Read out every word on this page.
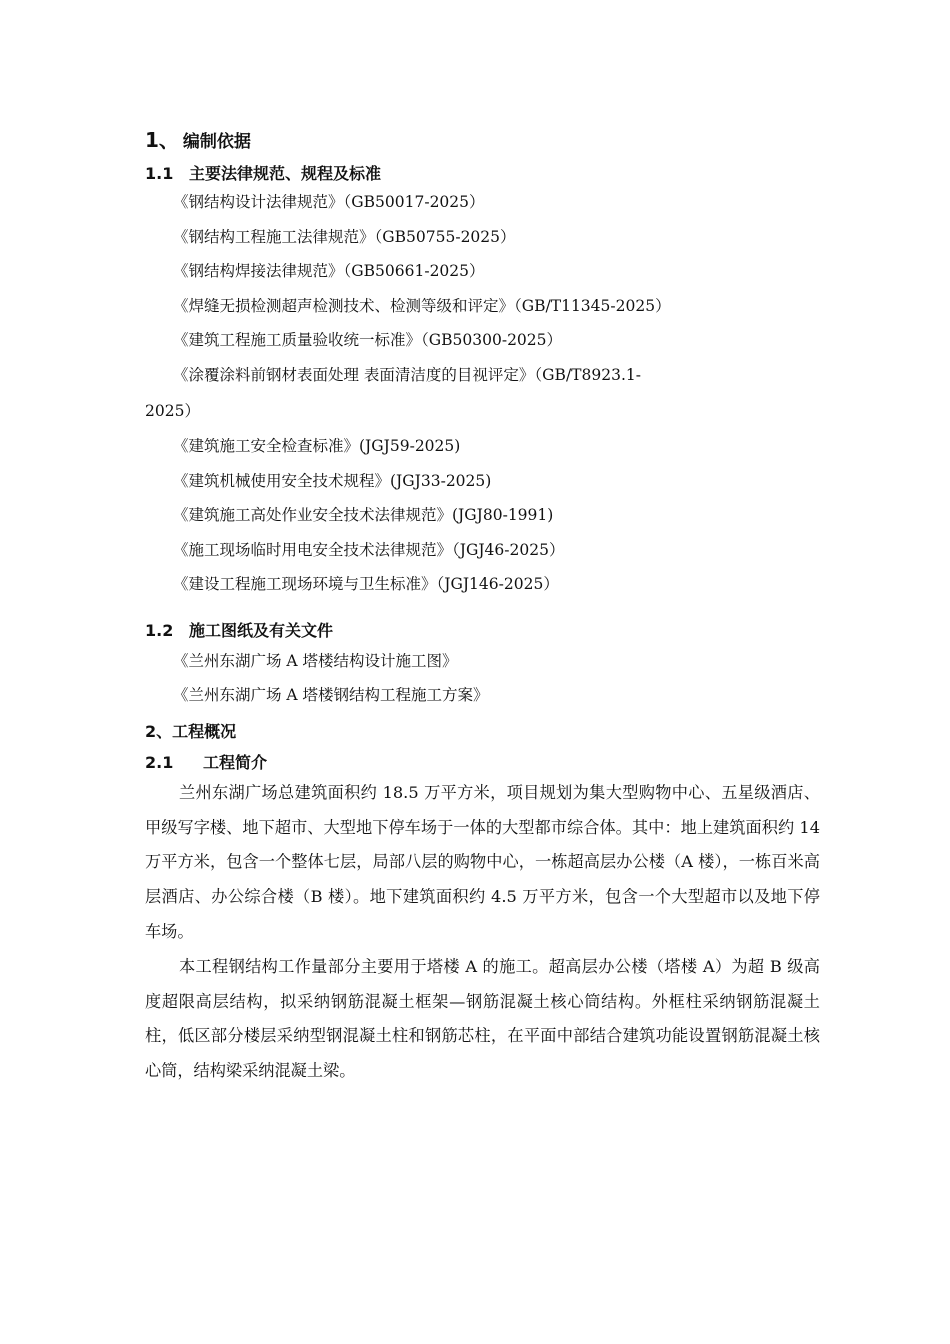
1、 编制依据
1.1 主要法律规范、规程及标准
《钢结构设计法律规范》（GB50017-2025）
《钢结构工程施工法律规范》（GB50755-2025）
《钢结构焊接法律规范》（GB50661-2025）
《焊缝无损检测超声检测技术、检测等级和评定》（GB/T11345-2025）
《建筑工程施工质量验收统一标准》（GB50300-2025）
《涂覆涂料前钢材表面处理 表面清洁度的目视评定》（GB/T8923.1-
2025）
《建筑施工安全检查标准》(JGJ59-2025)
《建筑机械使用安全技术规程》(JGJ33-2025)
《建筑施工高处作业安全技术法律规范》(JGJ80-1991)
《施工现场临时用电安全技术法律规范》（JGJ46-2025）
《建设工程施工现场环境与卫生标准》（JGJ146-2025）
1.2 施工图纸及有关文件
《兰州东湖广场 A 塔楼结构设计施工图》
《兰州东湖广场 A 塔楼钢结构工程施工方案》
2、工程概况
2.1 工程简介

兰州东湖广场总建筑面积约 18.5 万平方米，项目规划为集大型购物中心、五星级酒店、甲级写字楼、地下超市、大型地下停车场于一体的大型都市综合体。其中：地上建筑面积约 14 万平方米，包含一个整体七层，局部八层的购物中心，一栋超高层办公楼（A 楼），一栋百米高层酒店、办公综合楼（B 楼）。地下建筑面积约 4.5 万平方米，包含一个大型超市以及地下停车场。

本工程钢结构工作量部分主要用于塔楼 A 的施工。超高层办公楼（塔楼 A）为超 B 级高度超限高层结构，拟采纳钢筋混凝土框架—钢筋混凝土核心筒结构。外框柱采纳钢筋混凝土柱，低区部分楼层采纳型钢混凝土柱和钢筋芯柱，在平面中部结合建筑功能设置钢筋混凝土核心筒，结构梁采纳混凝土梁。
